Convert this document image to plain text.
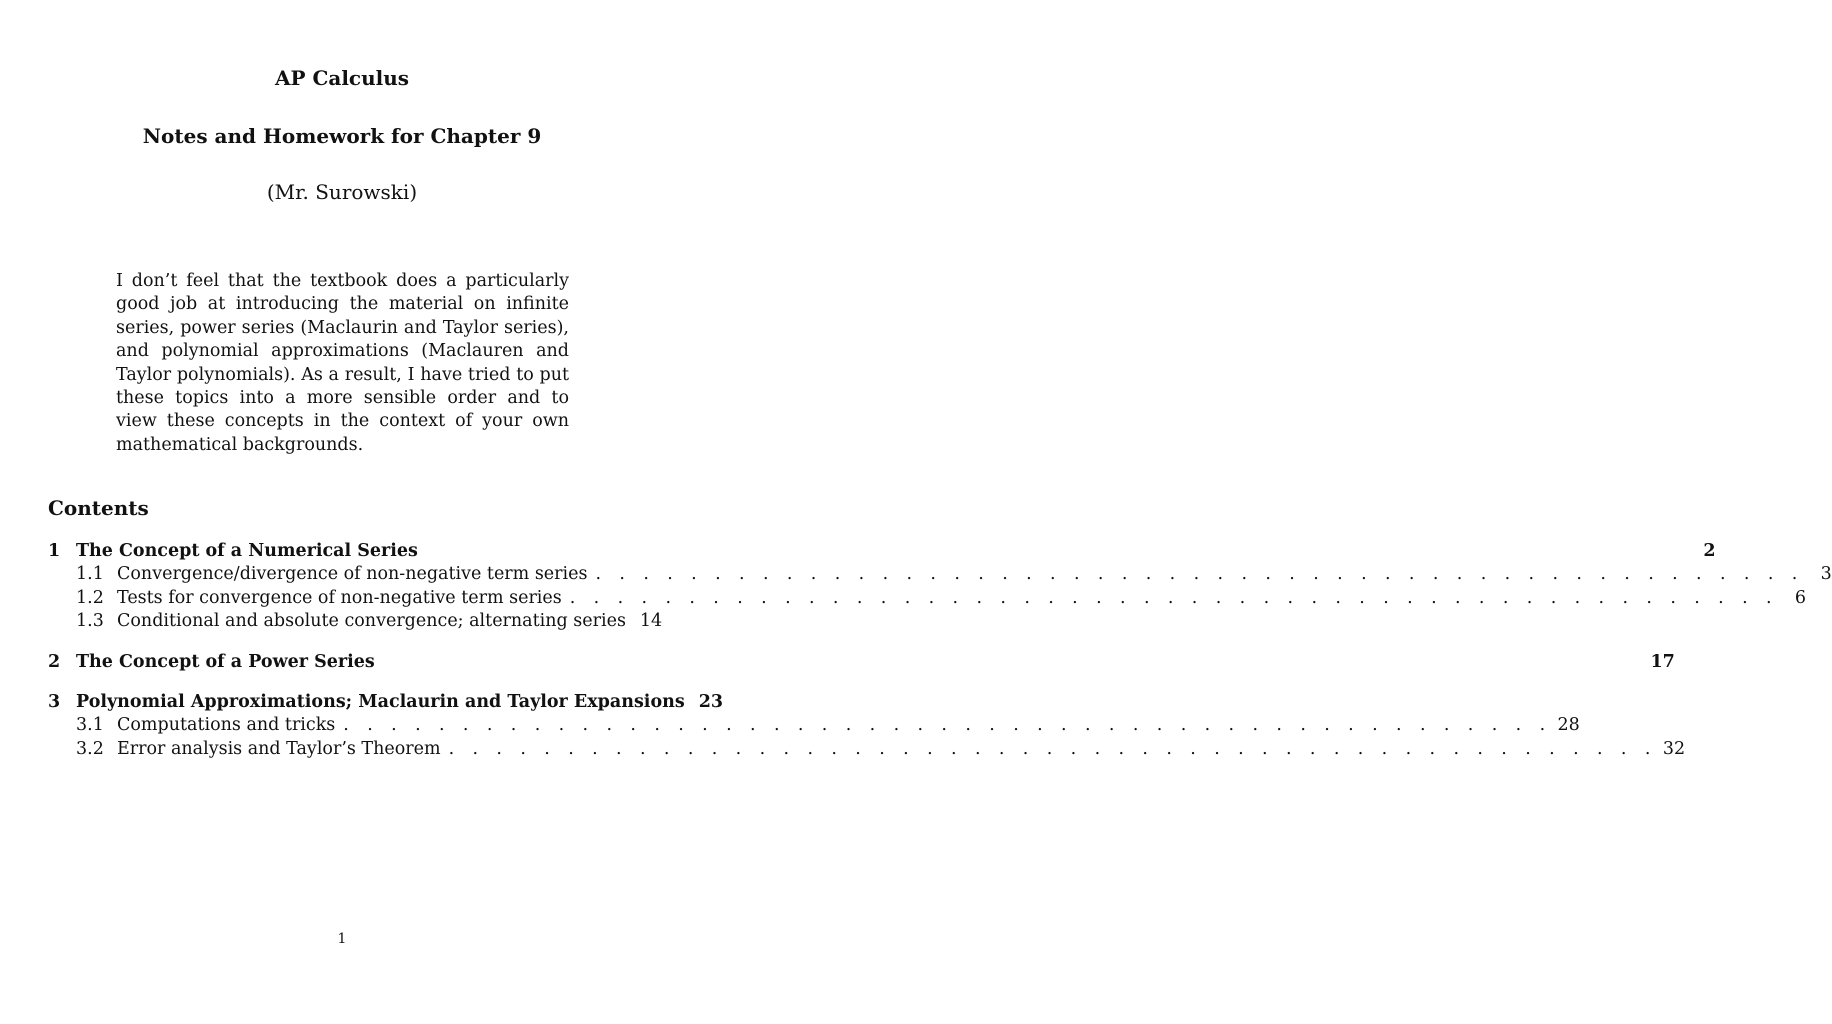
AP Calculus
Notes and Homework for Chapter 9
(Mr. Surowski)

I don’t feel that the textbook does a particularly good job at introducing the material on infinite series, power series (Maclaurin and Taylor series), and polynomial approximations (Maclauren and Taylor polynomials). As a result, I have tried to put these topics into a more sensible order and to view these concepts in the context of your own mathematical backgrounds.

Contents
1 The Concept of a Numerical Series	2
1.1 Convergence/divergence of non-negative term series . . . . . . . . . . . . . . . . . . . . . . . . . . . . . . . . . . . . . . . . . . . . . . . . . . . 3
1.2 Tests for convergence of non-negative term series . . . . . . . . . . . . . . . . . . . . . . . . . . . . . . . . . . . . . . . . . . . . . . . . . . . 6
1.3 Conditional and absolute convergence; alternating series 14
2 The Concept of a Power Series	17
3 Polynomial Approximations; Maclaurin and Taylor Expansions 23
3.1 Computations and tricks . . . . . . . . . . . . . . . . . . . . . . . . . . . . . . . . . . . . . . . . . . . . . . . . . . . 28
3.2 Error analysis and Taylor’s Theorem . . . . . . . . . . . . . . . . . . . . . . . . . . . . . . . . . . . . . . . . . . . . . . . . . . . 32
1
